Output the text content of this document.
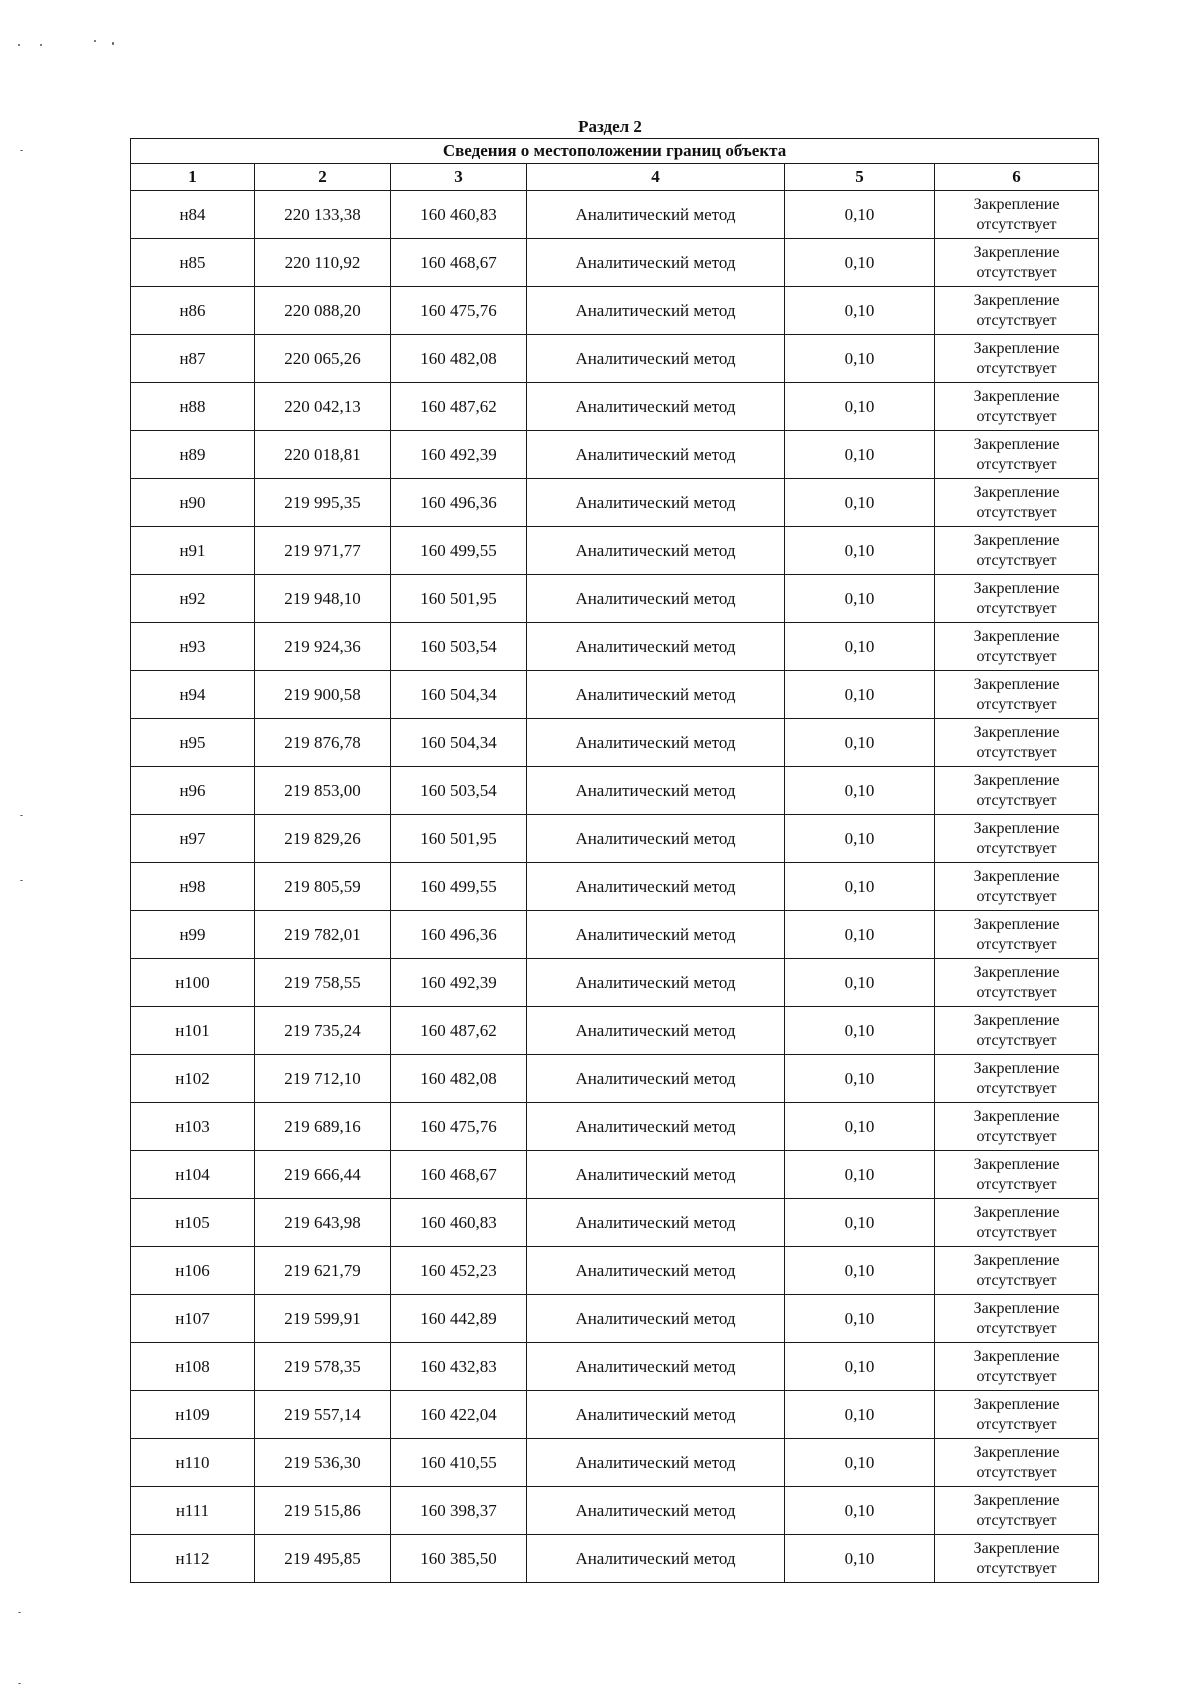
Раздел 2
Сведения о местоположении границ объекта					
1	2	3	4	5	6
н84	220 133,38	160 460,83	Аналитический метод	0,10	Закрепление отсутствует
н85	220 110,92	160 468,67	Аналитический метод	0,10	Закрепление отсутствует
н86	220 088,20	160 475,76	Аналитический метод	0,10	Закрепление отсутствует
н87	220 065,26	160 482,08	Аналитический метод	0,10	Закрепление отсутствует
н88	220 042,13	160 487,62	Аналитический метод	0,10	Закрепление отсутствует
н89	220 018,81	160 492,39	Аналитический метод	0,10	Закрепление отсутствует
н90	219 995,35	160 496,36	Аналитический метод	0,10	Закрепление отсутствует
н91	219 971,77	160 499,55	Аналитический метод	0,10	Закрепление отсутствует
н92	219 948,10	160 501,95	Аналитический метод	0,10	Закрепление отсутствует
н93	219 924,36	160 503,54	Аналитический метод	0,10	Закрепление отсутствует
н94	219 900,58	160 504,34	Аналитический метод	0,10	Закрепление отсутствует
н95	219 876,78	160 504,34	Аналитический метод	0,10	Закрепление отсутствует
н96	219 853,00	160 503,54	Аналитический метод	0,10	Закрепление отсутствует
н97	219 829,26	160 501,95	Аналитический метод	0,10	Закрепление отсутствует
н98	219 805,59	160 499,55	Аналитический метод	0,10	Закрепление отсутствует
н99	219 782,01	160 496,36	Аналитический метод	0,10	Закрепление отсутствует
н100	219 758,55	160 492,39	Аналитический метод	0,10	Закрепление отсутствует
н101	219 735,24	160 487,62	Аналитический метод	0,10	Закрепление отсутствует
н102	219 712,10	160 482,08	Аналитический метод	0,10	Закрепление отсутствует
н103	219 689,16	160 475,76	Аналитический метод	0,10	Закрепление отсутствует
н104	219 666,44	160 468,67	Аналитический метод	0,10	Закрепление отсутствует
н105	219 643,98	160 460,83	Аналитический метод	0,10	Закрепление отсутствует
н106	219 621,79	160 452,23	Аналитический метод	0,10	Закрепление отсутствует
н107	219 599,91	160 442,89	Аналитический метод	0,10	Закрепление отсутствует
н108	219 578,35	160 432,83	Аналитический метод	0,10	Закрепление отсутствует
н109	219 557,14	160 422,04	Аналитический метод	0,10	Закрепление отсутствует
н110	219 536,30	160 410,55	Аналитический метод	0,10	Закрепление отсутствует
н111	219 515,86	160 398,37	Аналитический метод	0,10	Закрепление отсутствует
н112	219 495,85	160 385,50	Аналитический метод	0,10	Закрепление отсутствует
